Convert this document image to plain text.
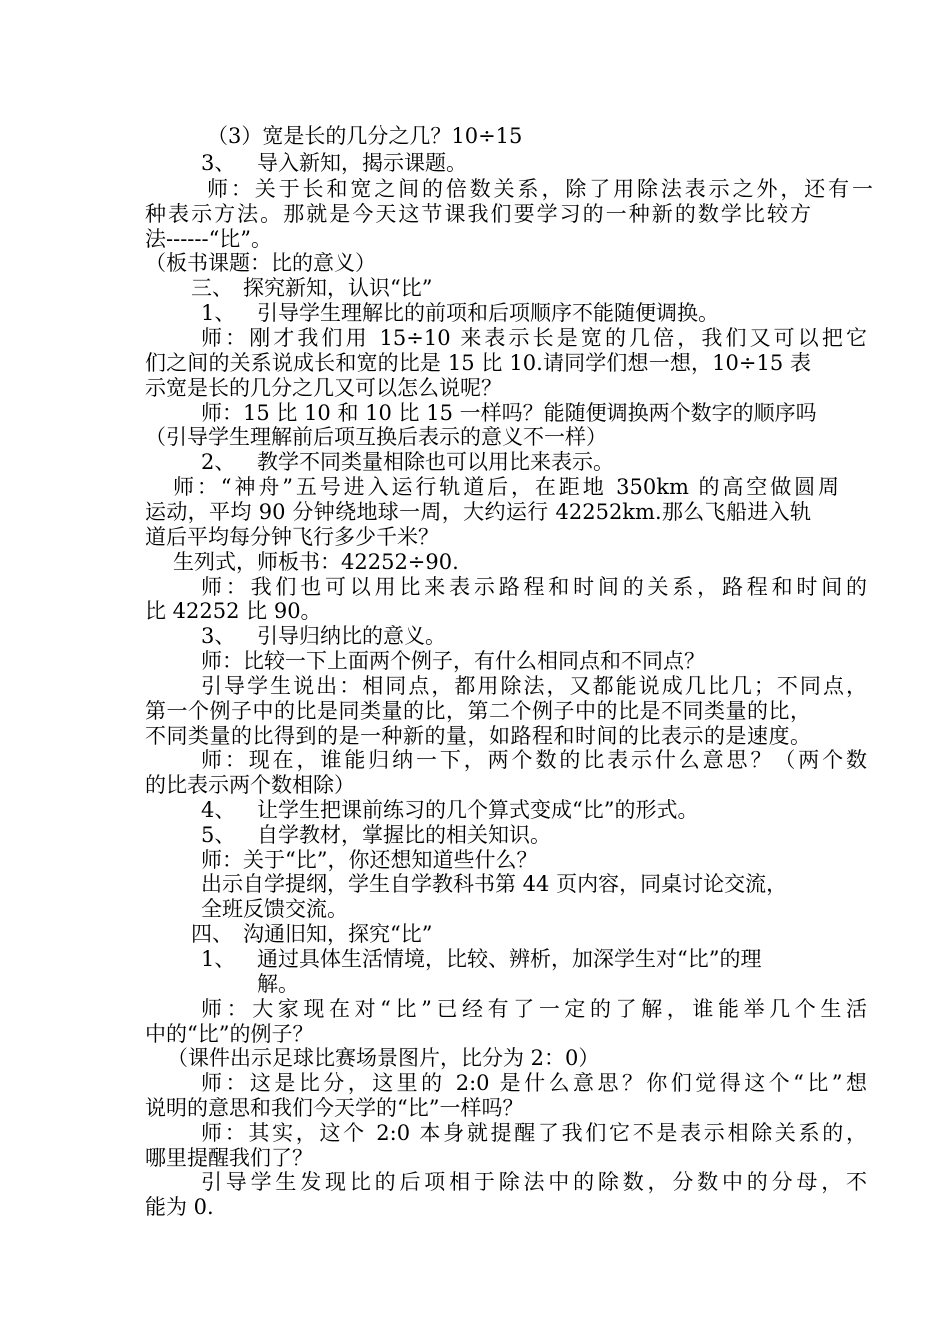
（3）宽是长的几分之几？10÷15
3、 导入新知，揭示课题。
师：关于长和宽之间的倍数关系，除了用除法表示之外，还有一
种表示方法。那就是今天这节课我们要学习的一种新的数学比较方
法------“比”。
（板书课题：比的意义）
三、 探究新知，认识“比”
1、 引导学生理解比的前项和后项顺序不能随便调换。
师：刚才我们用 15÷10 来表示长是宽的几倍，我们又可以把它
们之间的关系说成长和宽的比是 15 比 10.请同学们想一想，10÷15 表
示宽是长的几分之几又可以怎么说呢？
师：15 比 10 和 10 比 15 一样吗？能随便调换两个数字的顺序吗
（引导学生理解前后项互换后表示的意义不一样）
2、 教学不同类量相除也可以用比来表示。
师：“神舟”五号进入运行轨道后，在距地 350km 的高空做圆周
运动，平均 90 分钟绕地球一周，大约运行 42252km.那么飞船进入轨
道后平均每分钟飞行多少千米？
生列式，师板书：42252÷90.
师：我们也可以用比来表示路程和时间的关系，路程和时间的
比 42252 比 90。
3、 引导归纳比的意义。
师：比较一下上面两个例子，有什么相同点和不同点？
引导学生说出：相同点，都用除法，又都能说成几比几；不同点，
第一个例子中的比是同类量的比，第二个例子中的比是不同类量的比，
不同类量的比得到的是一种新的量，如路程和时间的比表示的是速度。
师：现在，谁能归纳一下，两个数的比表示什么意思？（两个数
的比表示两个数相除）
4、 让学生把课前练习的几个算式变成“比”的形式。
5、 自学教材，掌握比的相关知识。
师：关于“比”，你还想知道些什么？
出示自学提纲，学生自学教科书第 44 页内容，同桌讨论交流，
全班反馈交流。
四、 沟通旧知，探究“比”
1、 通过具体生活情境，比较、辨析，加深学生对“比”的理
解。
师：大家现在对“比”已经有了一定的了解，谁能举几个生活
中的“比”的例子？
（课件出示足球比赛场景图片，比分为 2：0）
师：这是比分，这里的 2:0 是什么意思？你们觉得这个“比”想
说明的意思和我们今天学的“比”一样吗？
师：其实，这个 2:0 本身就提醒了我们它不是表示相除关系的，
哪里提醒我们了？
引导学生发现比的后项相于除法中的除数，分数中的分母，不
能为 0.
